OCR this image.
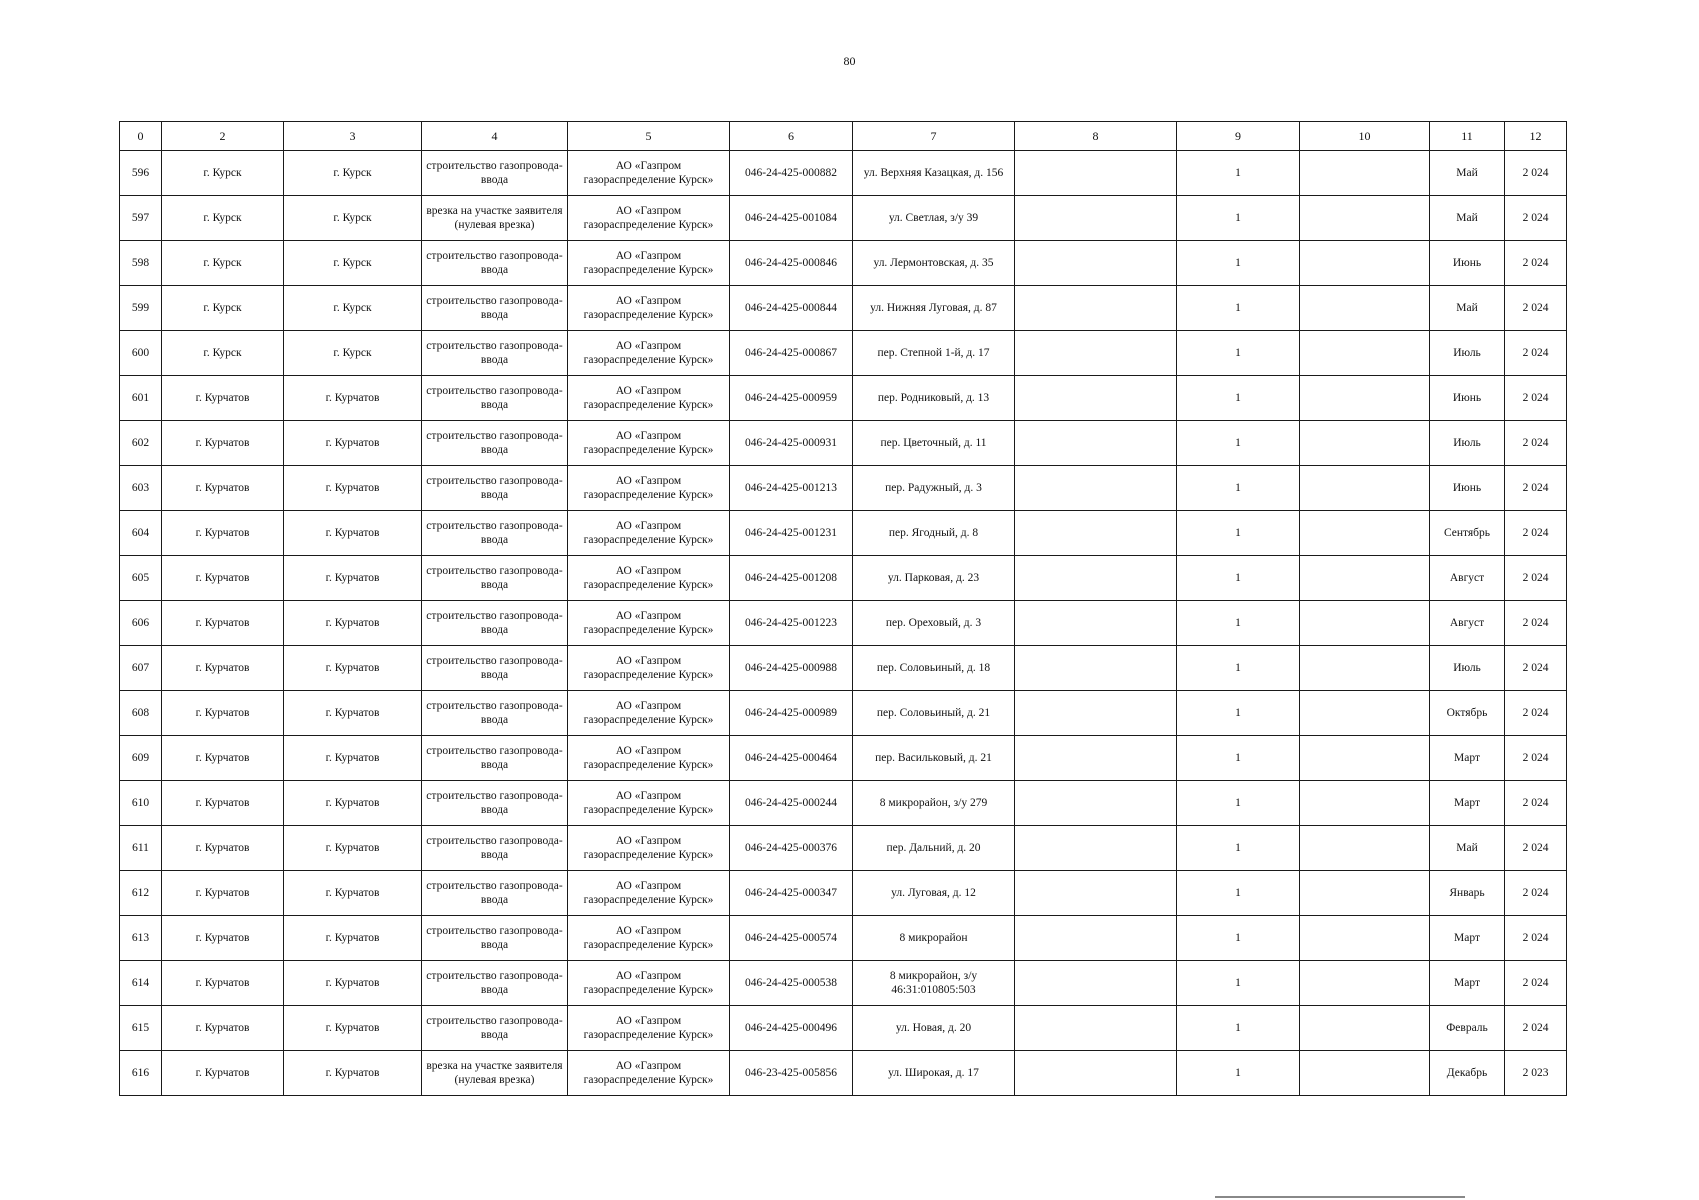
80
0	2	3	4	5	6	7	8	9	10	11	12
596	г. Курск	г. Курск	строительство газопровода-ввода	АО «Газпром газораспределение Курск»	046-24-425-000882	ул. Верхняя Казацкая, д. 156		1		Май	2 024
597	г. Курск	г. Курск	врезка на участке заявителя (нулевая врезка)	АО «Газпром газораспределение Курск»	046-24-425-001084	ул. Светлая, з/у 39		1		Май	2 024
598	г. Курск	г. Курск	строительство газопровода-ввода	АО «Газпром газораспределение Курск»	046-24-425-000846	ул. Лермонтовская, д. 35		1		Июнь	2 024
599	г. Курск	г. Курск	строительство газопровода-ввода	АО «Газпром газораспределение Курск»	046-24-425-000844	ул. Нижняя Луговая, д. 87		1		Май	2 024
600	г. Курск	г. Курск	строительство газопровода-ввода	АО «Газпром газораспределение Курск»	046-24-425-000867	пер. Степной 1-й, д. 17		1		Июль	2 024
601	г. Курчатов	г. Курчатов	строительство газопровода-ввода	АО «Газпром газораспределение Курск»	046-24-425-000959	пер. Родниковый, д. 13		1		Июнь	2 024
602	г. Курчатов	г. Курчатов	строительство газопровода-ввода	АО «Газпром газораспределение Курск»	046-24-425-000931	пер. Цветочный, д. 11		1		Июль	2 024
603	г. Курчатов	г. Курчатов	строительство газопровода-ввода	АО «Газпром газораспределение Курск»	046-24-425-001213	пер. Радужный, д. 3		1		Июнь	2 024
604	г. Курчатов	г. Курчатов	строительство газопровода-ввода	АО «Газпром газораспределение Курск»	046-24-425-001231	пер. Ягодный, д. 8		1		Сентябрь	2 024
605	г. Курчатов	г. Курчатов	строительство газопровода-ввода	АО «Газпром газораспределение Курск»	046-24-425-001208	ул. Парковая, д. 23		1		Август	2 024
606	г. Курчатов	г. Курчатов	строительство газопровода-ввода	АО «Газпром газораспределение Курск»	046-24-425-001223	пер. Ореховый, д. 3		1		Август	2 024
607	г. Курчатов	г. Курчатов	строительство газопровода-ввода	АО «Газпром газораспределение Курск»	046-24-425-000988	пер. Соловьиный, д. 18		1		Июль	2 024
608	г. Курчатов	г. Курчатов	строительство газопровода-ввода	АО «Газпром газораспределение Курск»	046-24-425-000989	пер. Соловьиный, д. 21		1		Октябрь	2 024
609	г. Курчатов	г. Курчатов	строительство газопровода-ввода	АО «Газпром газораспределение Курск»	046-24-425-000464	пер. Васильковый, д. 21		1		Март	2 024
610	г. Курчатов	г. Курчатов	строительство газопровода-ввода	АО «Газпром газораспределение Курск»	046-24-425-000244	8 микрорайон, з/у 279		1		Март	2 024
611	г. Курчатов	г. Курчатов	строительство газопровода-ввода	АО «Газпром газораспределение Курск»	046-24-425-000376	пер. Дальний, д. 20		1		Май	2 024
612	г. Курчатов	г. Курчатов	строительство газопровода-ввода	АО «Газпром газораспределение Курск»	046-24-425-000347	ул. Луговая, д. 12		1		Январь	2 024
613	г. Курчатов	г. Курчатов	строительство газопровода-ввода	АО «Газпром газораспределение Курск»	046-24-425-000574	8 микрорайон		1		Март	2 024
614	г. Курчатов	г. Курчатов	строительство газопровода-ввода	АО «Газпром газораспределение Курск»	046-24-425-000538	8 микрорайон, з/у 46:31:010805:503		1		Март	2 024
615	г. Курчатов	г. Курчатов	строительство газопровода-ввода	АО «Газпром газораспределение Курск»	046-24-425-000496	ул. Новая, д. 20		1		Февраль	2 024
616	г. Курчатов	г. Курчатов	врезка на участке заявителя (нулевая врезка)	АО «Газпром газораспределение Курск»	046-23-425-005856	ул. Широкая, д. 17		1		Декабрь	2 023
